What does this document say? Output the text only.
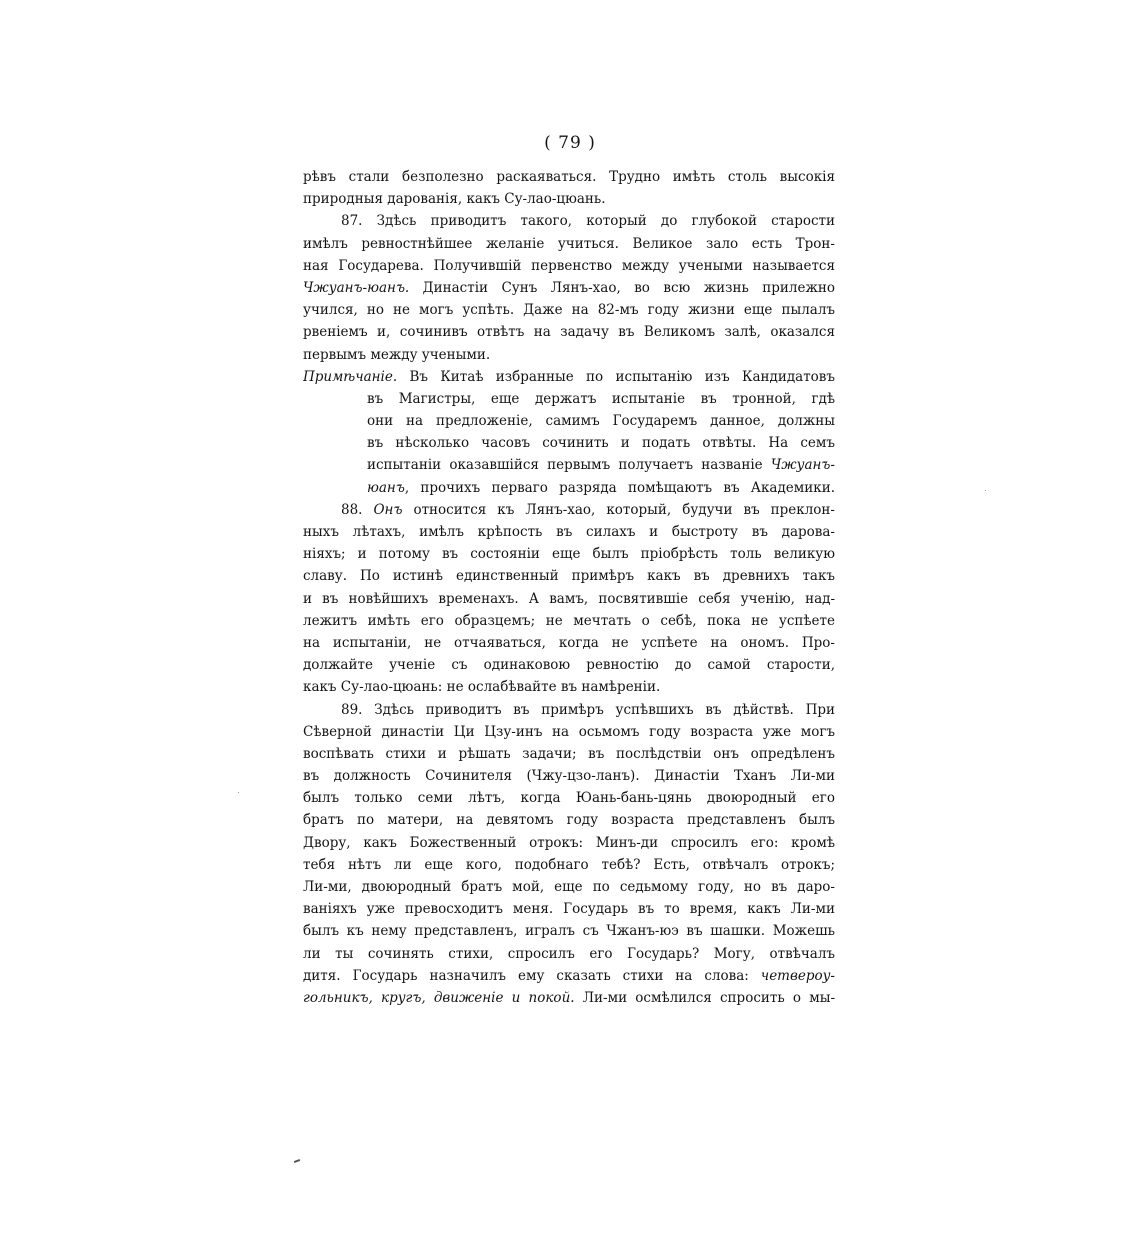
( 79 )
рѣвъ стали безполезно раскаяваться. Трудно имѣть столь высокія
природныя дарованія, какъ Су-лао-цюань.
87. Здѣсь приводитъ такого, который до глубокой старости
имѣлъ ревностнѣйшее желаніе учиться. Великое зало есть Трон-
ная Государева. Получившій первенство между учеными называется
Чжуанъ-юанъ. Династіи Сунъ Лянъ-хао, во всю жизнь прилежно
учился, но не могъ успѣть. Даже на 82-мъ году жизни еще пылалъ
рвеніемъ и, сочинивъ отвѣтъ на задачу въ Великомъ залѣ, оказался
первымъ между учеными.
Примѣчаніе. Въ Китаѣ избранные по испытанію изъ Кандидатовъ
въ Магистры, еще держатъ испытаніе въ тронной, гдѣ
они на предложеніе, самимъ Государемъ данное, должны
въ нѣсколько часовъ сочинить и подать отвѣты. На семъ
испытаніи оказавшійся первымъ получаетъ названіе Чжуанъ-
юанъ, прочихъ перваго разряда помѣщаютъ въ Академики.
88. Онъ относится къ Лянъ-хао, который, будучи въ преклон-
ныхъ лѣтахъ, имѣлъ крѣпость въ силахъ и быстроту въ дарова-
ніяхъ; и потому въ состояніи еще былъ пріобрѣсть толь великую
славу. По истинѣ единственный примѣръ какъ въ древнихъ такъ
и въ новѣйшихъ временахъ. А вамъ, посвятившіе себя ученію, над-
лежитъ имѣть его образцемъ; не мечтать о себѣ, пока не успѣете
на испытаніи, не отчаяваться, когда не успѣете на ономъ. Про-
должайте ученіе съ одинаковою ревностію до самой старости,
какъ Су-лао-цюань: не ослабѣвайте въ намѣреніи.
89. Здѣсь приводитъ въ примѣръ успѣвшихъ въ дѣйствѣ. При
Сѣверной династіи Ци Цзу-инъ на осьмомъ году возраста уже могъ
воспѣвать стихи и рѣшать задачи; въ послѣдствіи онъ опредѣленъ
въ должность Сочинителя (Чжу-цзо-ланъ). Династіи Тханъ Ли-ми
былъ только семи лѣтъ, когда Юань-бань-цянь двоюродный его
братъ по матери, на девятомъ году возраста представленъ былъ
Двору, какъ Божественный отрокъ: Минъ-ди спросилъ его: кромѣ
тебя нѣтъ ли еще кого, подобнаго тебѣ? Есть, отвѣчалъ отрокъ;
Ли-ми, двоюродный братъ мой, еще по седьмому году, но въ даро-
ваніяхъ уже превосходитъ меня. Государь въ то время, какъ Ли-ми
былъ къ нему представленъ, игралъ съ Чжанъ-юэ въ шашки. Можешь
ли ты сочинять стихи, спросилъ его Государь? Могу, отвѣчалъ
дитя. Государь назначилъ ему сказать стихи на слова: четвероу-
гольникъ, кругъ, движеніе и покой. Ли-ми осмѣлился спросить о мы-
